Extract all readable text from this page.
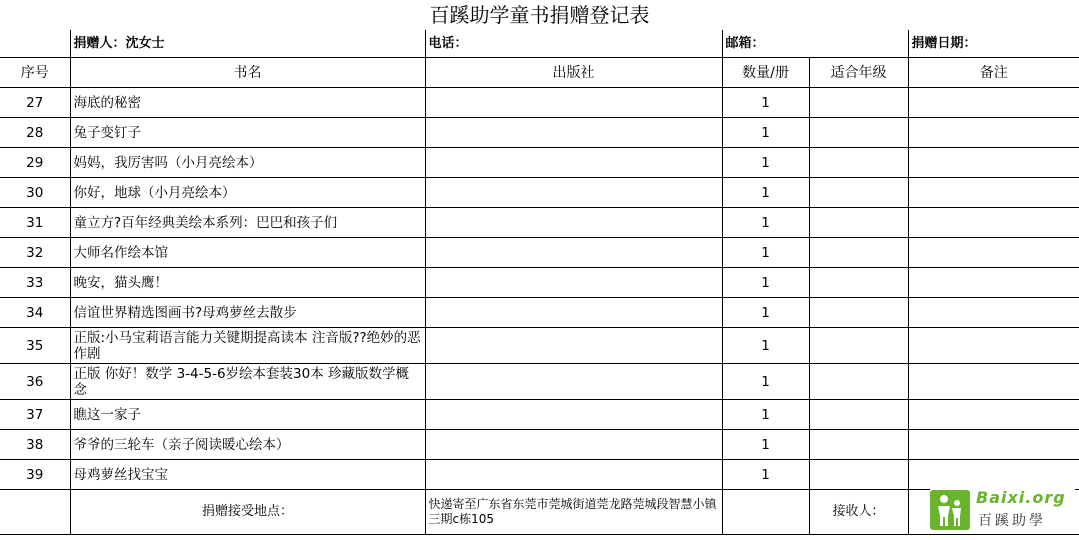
百蹊助学童书捐赠登记表
	捐赠人：沈女士	电话：	邮箱：		捐赠日期：
序号	书名	出版社	数量/册	适合年级	备注
27	海底的秘密		1		
28	兔子变钉子		1		
29	妈妈，我厉害吗（小月亮绘本）		1		
30	你好，地球（小月亮绘本）		1		
31	童立方?百年经典美绘本系列：巴巴和孩子们		1		
32	大师名作绘本馆		1		
33	晚安，猫头鹰！		1		
34	信谊世界精选图画书?母鸡萝丝去散步		1		
35	正版:小马宝莉语言能力关键期提高读本 注音版??绝妙的恶作剧		1		
36	正版 你好！数学 3-4-5-6岁绘本套装30本 珍藏版数学概念		1		
37	瞧这一家子		1		
38	爷爷的三轮车（亲子阅读暖心绘本）		1		
39	母鸡萝丝找宝宝		1		
	捐赠接受地点：	快递寄至广东省东莞市莞城街道莞龙路莞城段智慧小镇三期c栋105		接收人：	
Baixi.org
百蹊助學
